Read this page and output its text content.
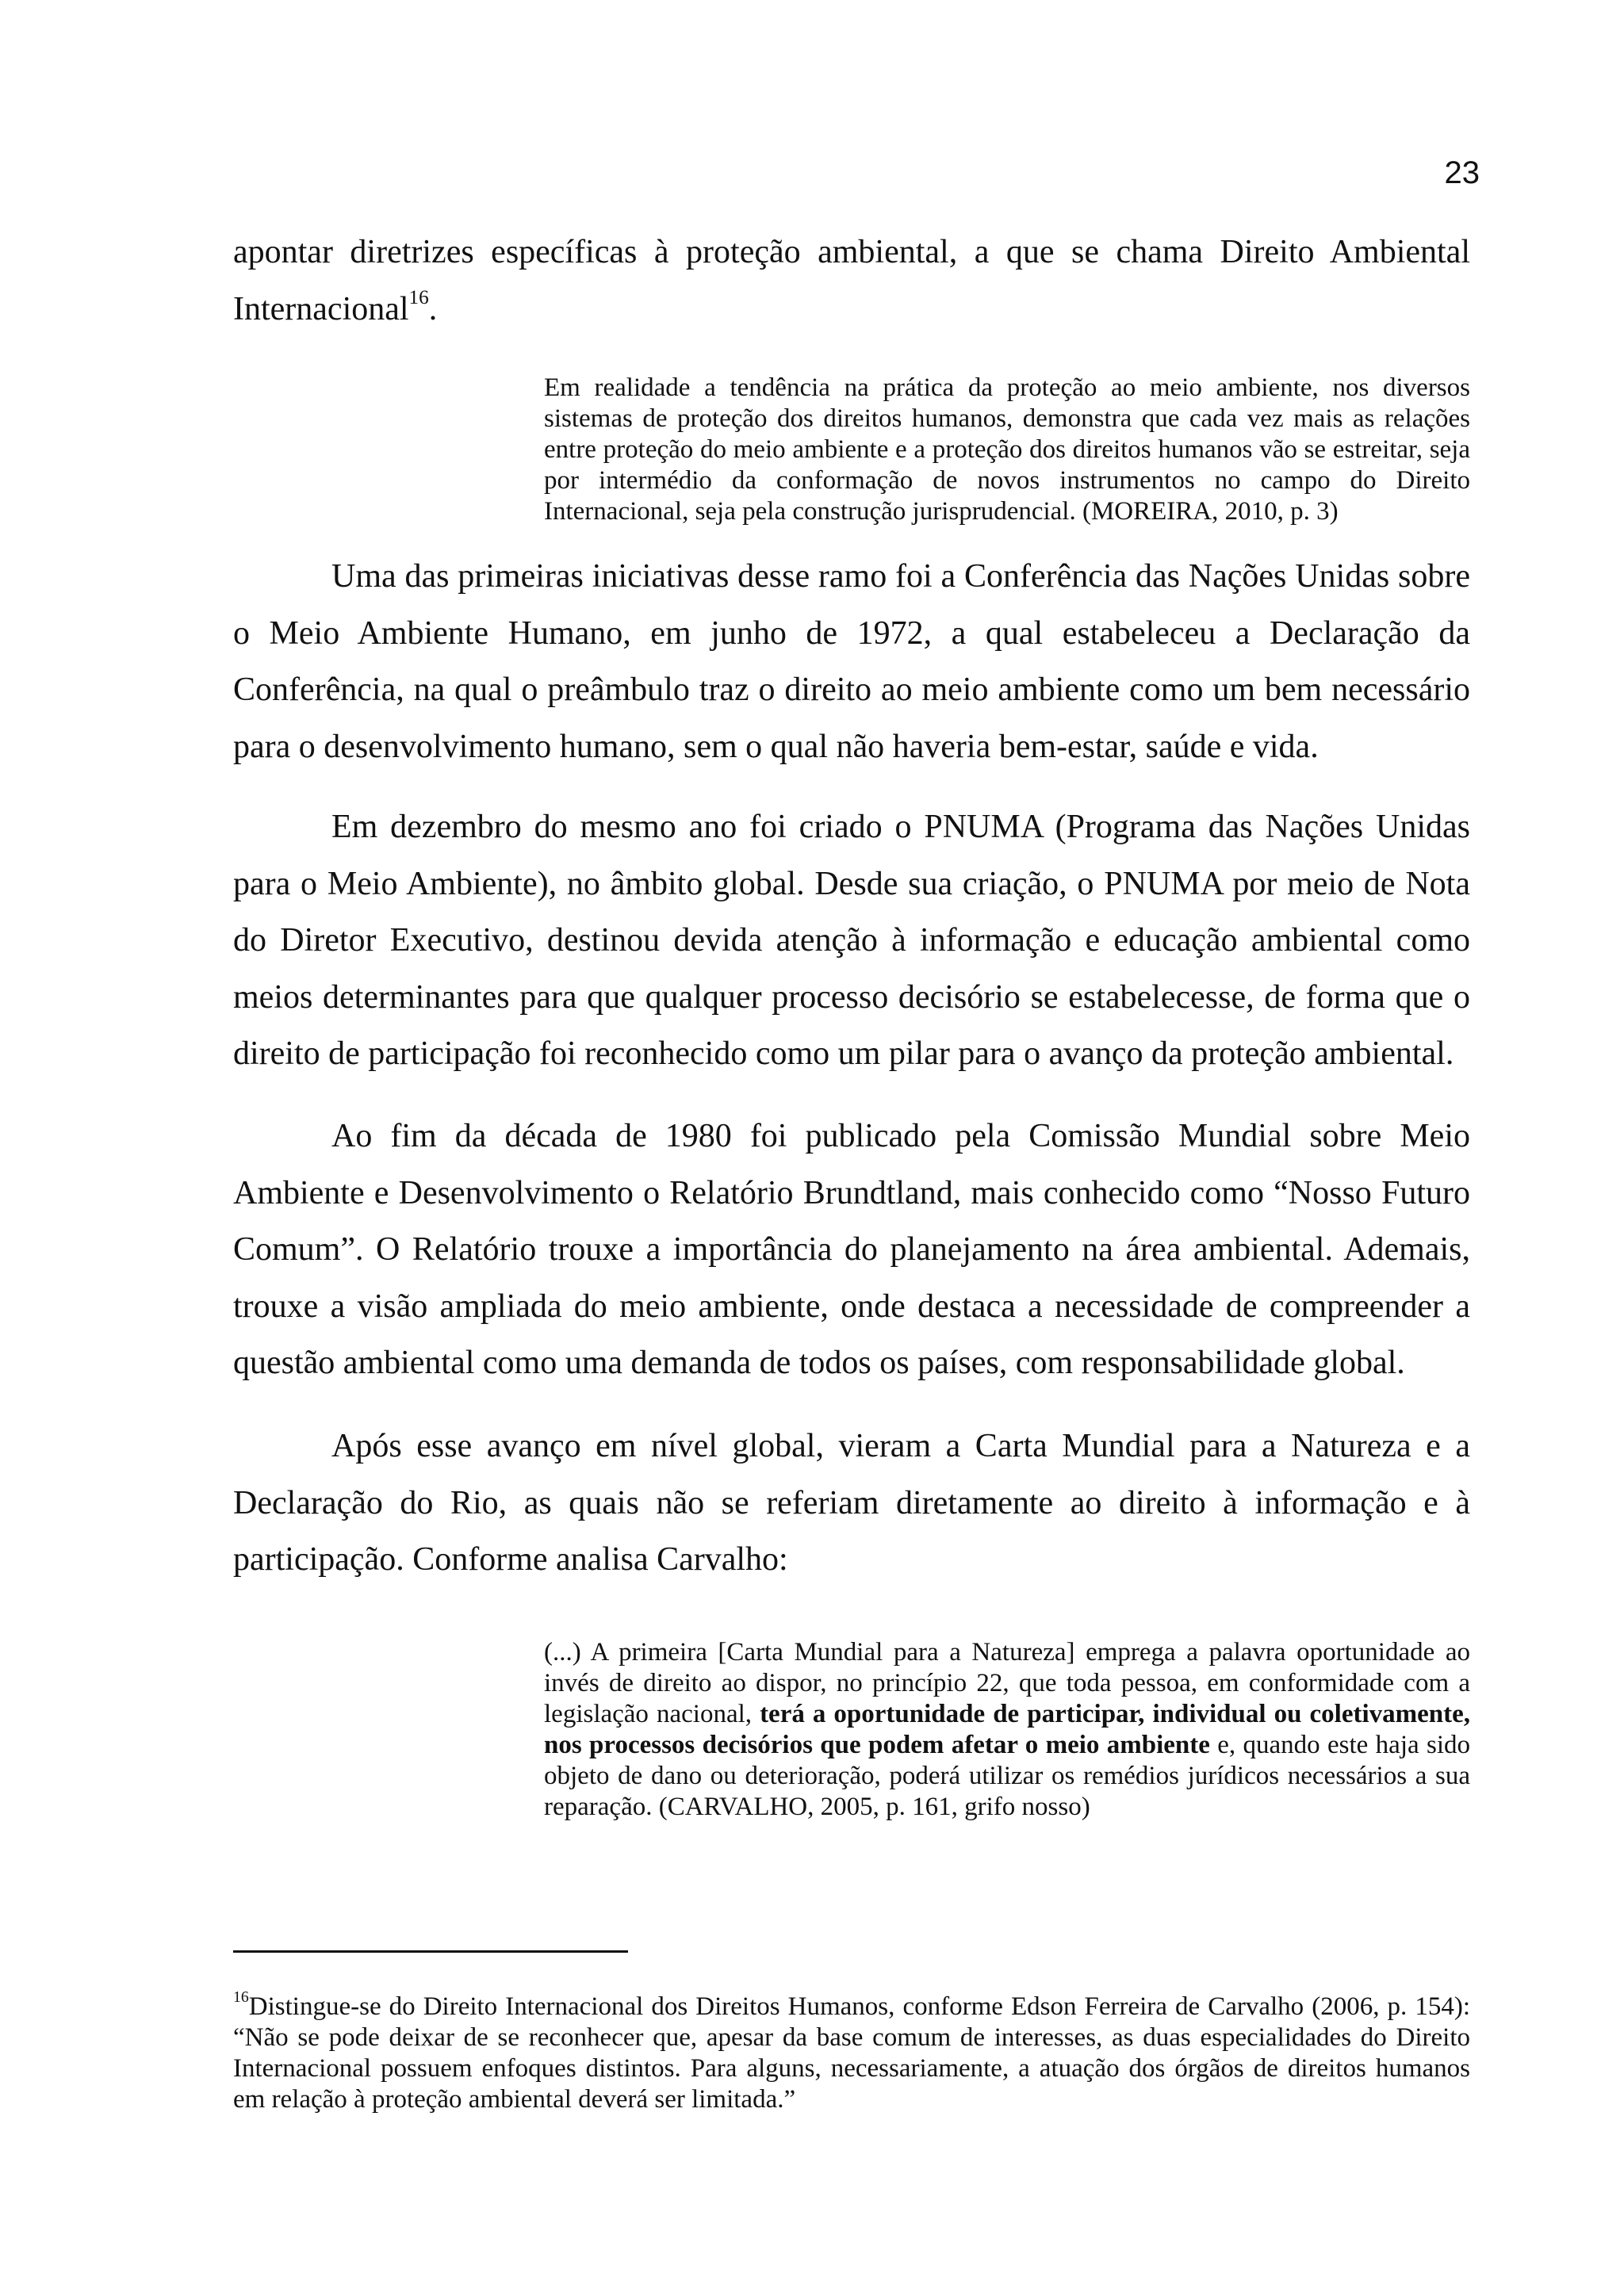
23

apontar diretrizes específicas à proteção ambiental, a que se chama Direito Ambiental Internacional$^{16}$.

Em realidade a tendência na prática da proteção ao meio ambiente, nos diversos sistemas de proteção dos direitos humanos, demonstra que cada vez mais as relações entre proteção do meio ambiente e a proteção dos direitos humanos vão se estreitar, seja por intermédio da conformação de novos instrumentos no campo do Direito Internacional, seja pela construção jurisprudencial. (MOREIRA, 2010, p. 3)

Uma das primeiras iniciativas desse ramo foi a Conferência das Nações Unidas sobre o Meio Ambiente Humano, em junho de 1972, a qual estabeleceu a Declaração da Conferência, na qual o preâmbulo traz o direito ao meio ambiente como um bem necessário para o desenvolvimento humano, sem o qual não haveria bem-estar, saúde e vida.

Em dezembro do mesmo ano foi criado o PNUMA (Programa das Nações Unidas para o Meio Ambiente), no âmbito global. Desde sua criação, o PNUMA por meio de Nota do Diretor Executivo, destinou devida atenção à informação e educação ambiental como meios determinantes para que qualquer processo decisório se estabelecesse, de forma que o direito de participação foi reconhecido como um pilar para o avanço da proteção ambiental.

Ao fim da década de 1980 foi publicado pela Comissão Mundial sobre Meio Ambiente e Desenvolvimento o Relatório Brundtland, mais conhecido como “Nosso Futuro Comum”. O Relatório trouxe a importância do planejamento na área ambiental. Ademais, trouxe a visão ampliada do meio ambiente, onde destaca a necessidade de compreender a questão ambiental como uma demanda de todos os países, com responsabilidade global.

Após esse avanço em nível global, vieram a Carta Mundial para a Natureza e a Declaração do Rio, as quais não se referiam diretamente ao direito à informação e à participação. Conforme analisa Carvalho:

(...) A primeira [Carta Mundial para a Natureza] emprega a palavra oportunidade ao invés de direito ao dispor, no princípio 22, que toda pessoa, em conformidade com a legislação nacional, terá a oportunidade de participar, individual ou coletivamente, nos processos decisórios que podem afetar o meio ambiente e, quando este haja sido objeto de dano ou deterioração, poderá utilizar os remédios jurídicos necessários a sua reparação. (CARVALHO, 2005, p. 161, grifo nosso)

$^{16}$Distingue-se do Direito Internacional dos Direitos Humanos, conforme Edson Ferreira de Carvalho (2006, p. 154): “Não se pode deixar de se reconhecer que, apesar da base comum de interesses, as duas especialidades do Direito Internacional possuem enfoques distintos. Para alguns, necessariamente, a atuação dos órgãos de direitos humanos em relação à proteção ambiental deverá ser limitada.”
